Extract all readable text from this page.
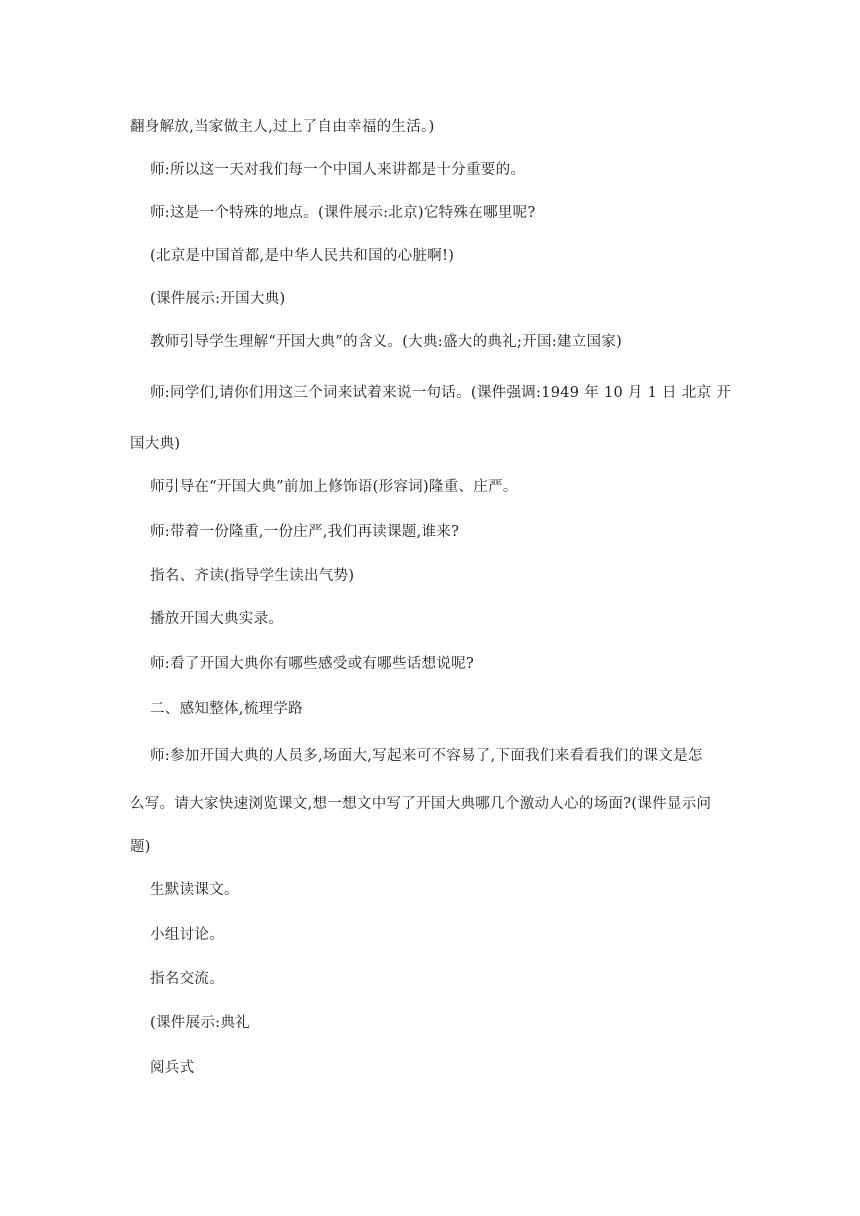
翻身解放,当家做主人,过上了自由幸福的生活。)
师:所以这一天对我们每一个中国人来讲都是十分重要的。
师:这是一个特殊的地点。(课件展示:北京)它特殊在哪里呢?
(北京是中国首都,是中华人民共和国的心脏啊!)
(课件展示:开国大典)
教师引导学生理解“开国大典”的含义。(大典:盛大的典礼;开国:建立国家)
师:同学们,请你们用这三个词来试着来说一句话。(课件强调:1949 年 10 月 1 日 北京 开
国大典)
师引导在“开国大典”前加上修饰语(形容词)隆重、庄严。
师:带着一份隆重,一份庄严,我们再读课题,谁来?
指名、齐读(指导学生读出气势)
播放开国大典实录。
师:看了开国大典你有哪些感受或有哪些话想说呢?
二、感知整体,梳理学路
师:参加开国大典的人员多,场面大,写起来可不容易了,下面我们来看看我们的课文是怎
么写。请大家快速浏览课文,想一想文中写了开国大典哪几个激动人心的场面?(课件显示问
题)
生默读课文。
小组讨论。
指名交流。
(课件展示:典礼
阅兵式
